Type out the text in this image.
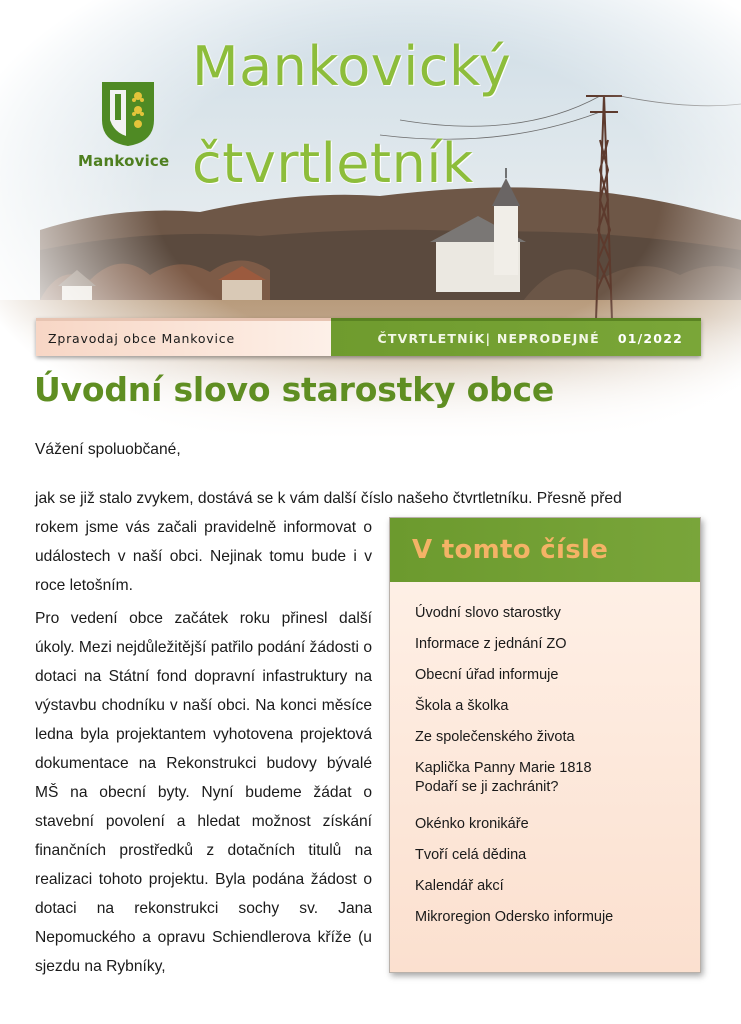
Mankovice
Mankovický
čtvrtletník
Zpravodaj obce Mankovice	ČTVRTLETNÍK| NEPRODEJNÉ 01/2022
Úvodní slovo starostky obce

Vážení spoluobčané,

jak se již stalo zvykem, dostává se k vám další číslo našeho čtvrtletníku. Přesně před

rokem jsme vás začali pravidelně informovat o událostech v naší obci. Nejinak tomu bude i v roce letošním.

Pro vedení obce začátek roku přinesl další úkoly. Mezi nejdůležitější patřilo podání žádosti o dotaci na Státní fond dopravní infastruktury na výstavbu chodníku v naší obci. Na konci měsíce ledna byla projektantem vyhotovena projektová dokumentace na Rekonstrukci budovy bývalé MŠ na obecní byty. Nyní budeme žádat o stavební povolení a hledat možnost získání finančních prostředků z dotačních titulů na realizaci tohoto projektu. Byla podána žádost o dotaci na rekonstrukci sochy sv. Jana Nepomuckého a opravu Schiendlerova kříže (u sjezdu na Rybníky,

V tomto čísle
Úvodní slovo starostky
Informace z jednání ZO
Obecní úřad informuje
Škola a školka
Ze společenského života
Kaplička Panny Marie 1818
Podaří se ji zachránit?
Okénko kronikáře
Tvoří celá dědina
Kalendář akcí
Mikroregion Odersko informuje
